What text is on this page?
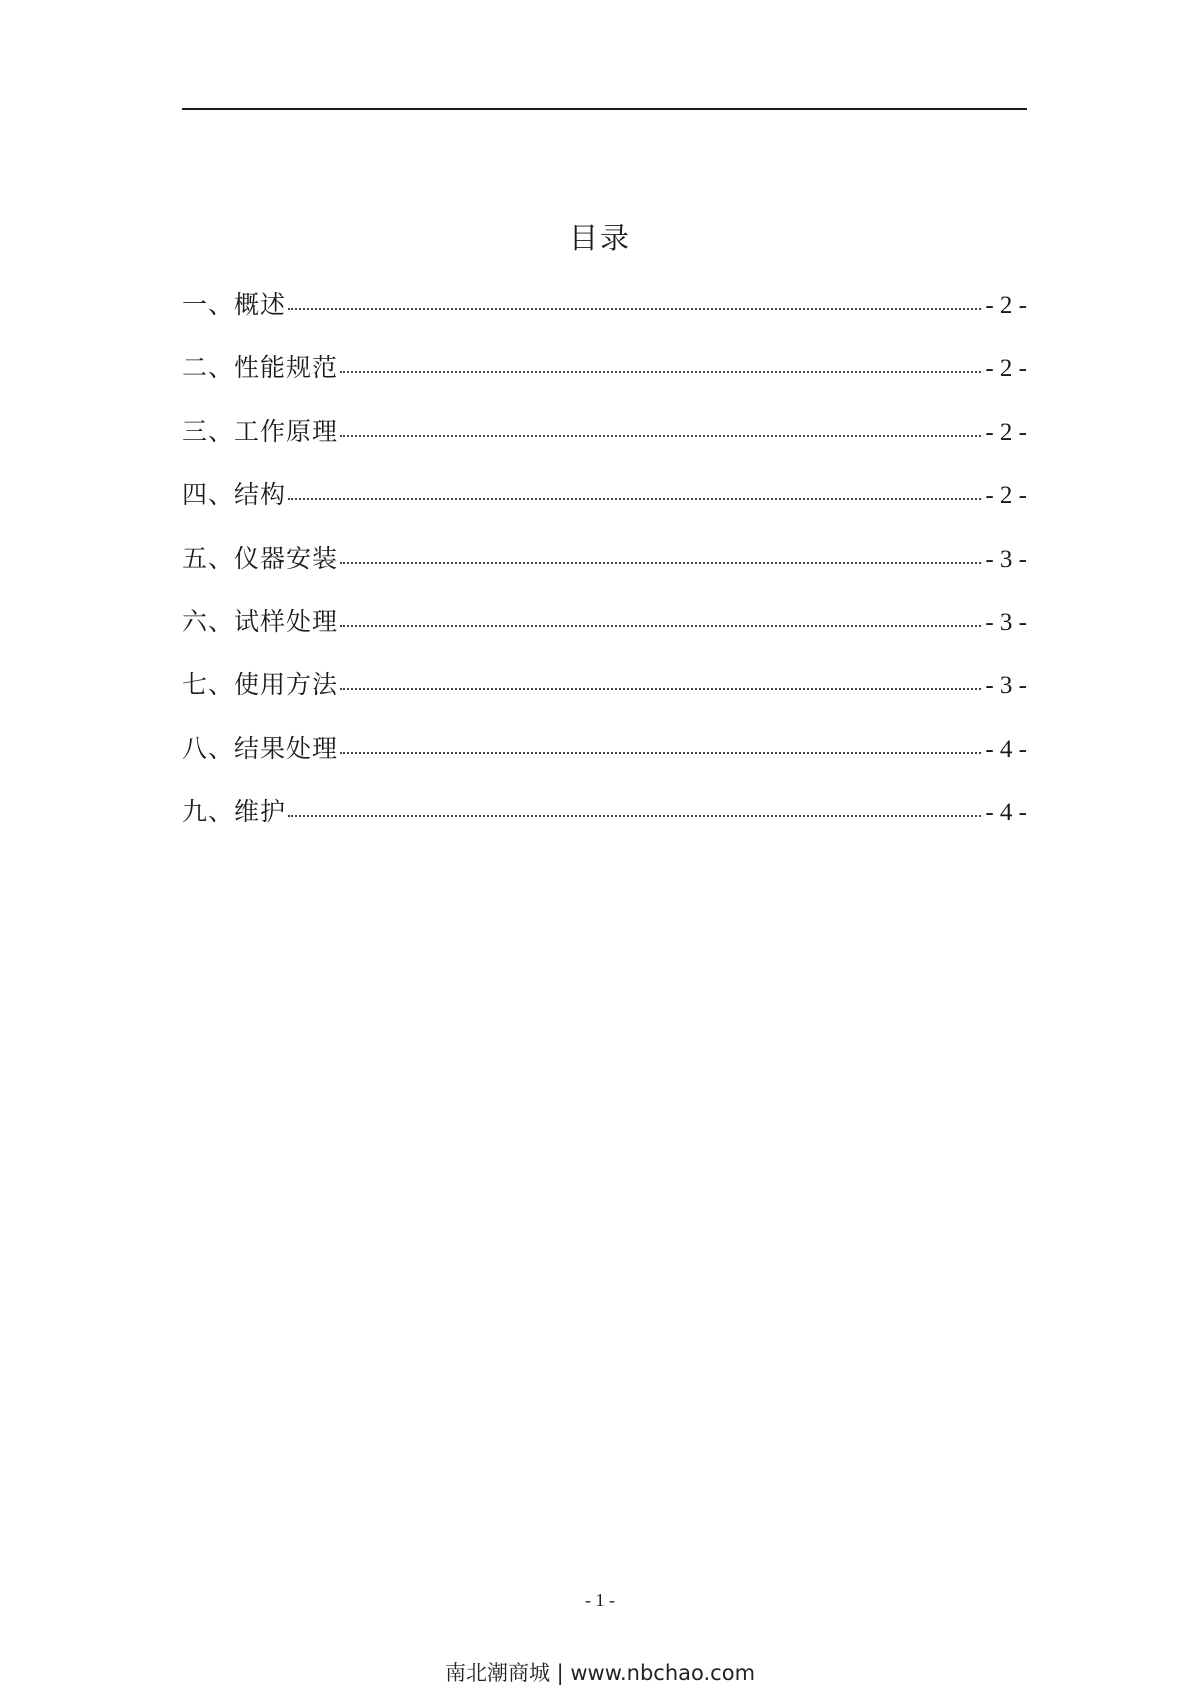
目录
一、概述	- 2 -
二、性能规范	- 2 -
三、工作原理	- 2 -
四、结构	- 2 -
五、仪器安装	- 3 -
六、试样处理	- 3 -
七、使用方法	- 3 -
八、结果处理	- 4 -
九、维护	- 4 -
- 1 -
南北潮商城 | www.nbchao.com
